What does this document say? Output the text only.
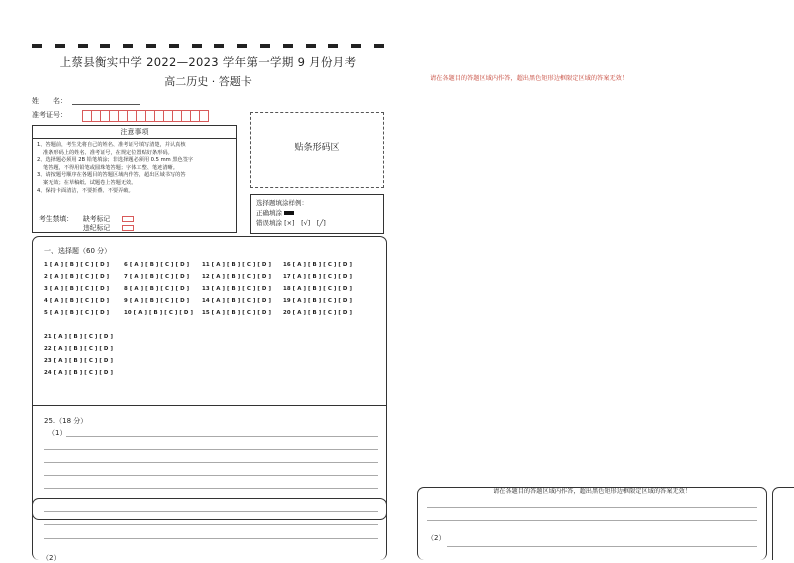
上蔡县衡实中学 2022—2023 学年第一学期 9 月份月考
高二历史 · 答题卡	请在各题目的答题区域内作答，超出黑色矩形边框限定区域的答案无效！
姓　　名：
准考证号：
注意事项
1、答题前，考生先将自己的姓名、准考证号填写清楚，并认真核
准条形码上的姓名、准考证号，在规定位置贴好条形码。
2、选择题必须用 2B 铅笔填涂；非选择题必须用 0.5 mm 黑色签字
笔答题，不得用铅笔或圆珠笔答题；字体工整、笔迹清晰。
3、请按题号顺序在各题目的答题区域内作答，超出区域书写的答
案无效；在草稿纸、试题卷上答题无效。
4、保持卡面清洁，不要折叠、不要弄破。
考生禁填： 缺考标记
违纪标记
贴条形码区
选择题填涂样例：
正确填涂
错误填涂 [×]　[√]　[╱]
一、选择题（60 分）
1 [ A ] [ B ] [ C ] [ D ]
2 [ A ] [ B ] [ C ] [ D ]
3 [ A ] [ B ] [ C ] [ D ]
4 [ A ] [ B ] [ C ] [ D ]
5 [ A ] [ B ] [ C ] [ D ]
6 [ A ] [ B ] [ C ] [ D ]
7 [ A ] [ B ] [ C ] [ D ]
8 [ A ] [ B ] [ C ] [ D ]
9 [ A ] [ B ] [ C ] [ D ]
10 [ A ] [ B ] [ C ] [ D ]
11 [ A ] [ B ] [ C ] [ D ]
12 [ A ] [ B ] [ C ] [ D ]
13 [ A ] [ B ] [ C ] [ D ]
14 [ A ] [ B ] [ C ] [ D ]
15 [ A ] [ B ] [ C ] [ D ]
16 [ A ] [ B ] [ C ] [ D ]
17 [ A ] [ B ] [ C ] [ D ]
18 [ A ] [ B ] [ C ] [ D ]
19 [ A ] [ B ] [ C ] [ D ]
20 [ A ] [ B ] [ C ] [ D ]
21 [ A ] [ B ] [ C ] [ D ]
22 [ A ] [ B ] [ C ] [ D ]
23 [ A ] [ B ] [ C ] [ D ]
24 [ A ] [ B ] [ C ] [ D ]
25.（18 分）
（1）
（2）
请在各题目的答题区域内作答，超出黑色矩形边框限定区域的答案无效！
（2）
